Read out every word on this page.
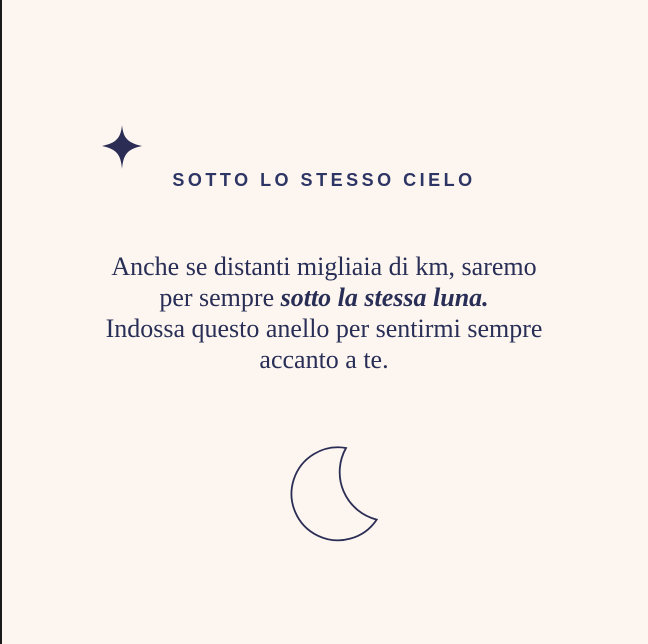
SOTTO LO STESSO CIELO
Anche se distanti migliaia di km, saremo
per sempre sotto la stessa luna.
Indossa questo anello per sentirmi sempre
accanto a te.
